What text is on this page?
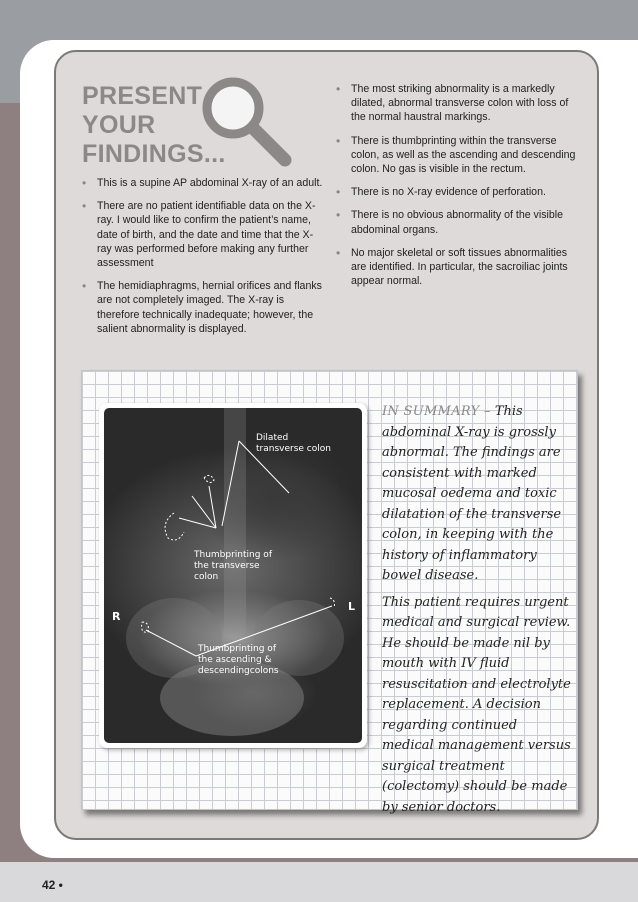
42 •
PRESENT
YOUR
FINDINGS...
• This is a supine AP abdominal X-ray of an adult.
• There are no patient identifiable data on the X-ray. I would like to confirm the patient’s name, date of birth, and the date and time that the X-ray was performed before making any further assessment
• The hemidiaphragms, hernial orifices and flanks are not completely imaged. The X-ray is therefore technically inadequate; however, the salient abnormality is displayed.
• The most striking abnormality is a markedly dilated, abnormal transverse colon with loss of the normal haustral markings.
• There is thumbprinting within the transverse colon, as well as the ascending and descending colon. No gas is visible in the rectum.
• There is no X-ray evidence of perforation.
• There is no obvious abnormality of the visible abdominal organs.
• No major skeletal or soft tissues abnormalities are identified. In particular, the sacroiliac joints appear normal.
Dilated transverse colon
Thumbprinting of the transverse colon
Thumbprinting of the ascending & descendingcolons
R
L

IN SUMMARY – This abdominal X-ray is grossly abnormal. The findings are consistent with marked mucosal oedema and toxic dilatation of the transverse colon, in keeping with the history of inflammatory bowel disease.

This patient requires urgent medical and surgical review. He should be made nil by mouth with IV fluid resuscitation and electrolyte replacement. A decision regarding continued medical management versus surgical treatment (colectomy) should be made by senior doctors.
